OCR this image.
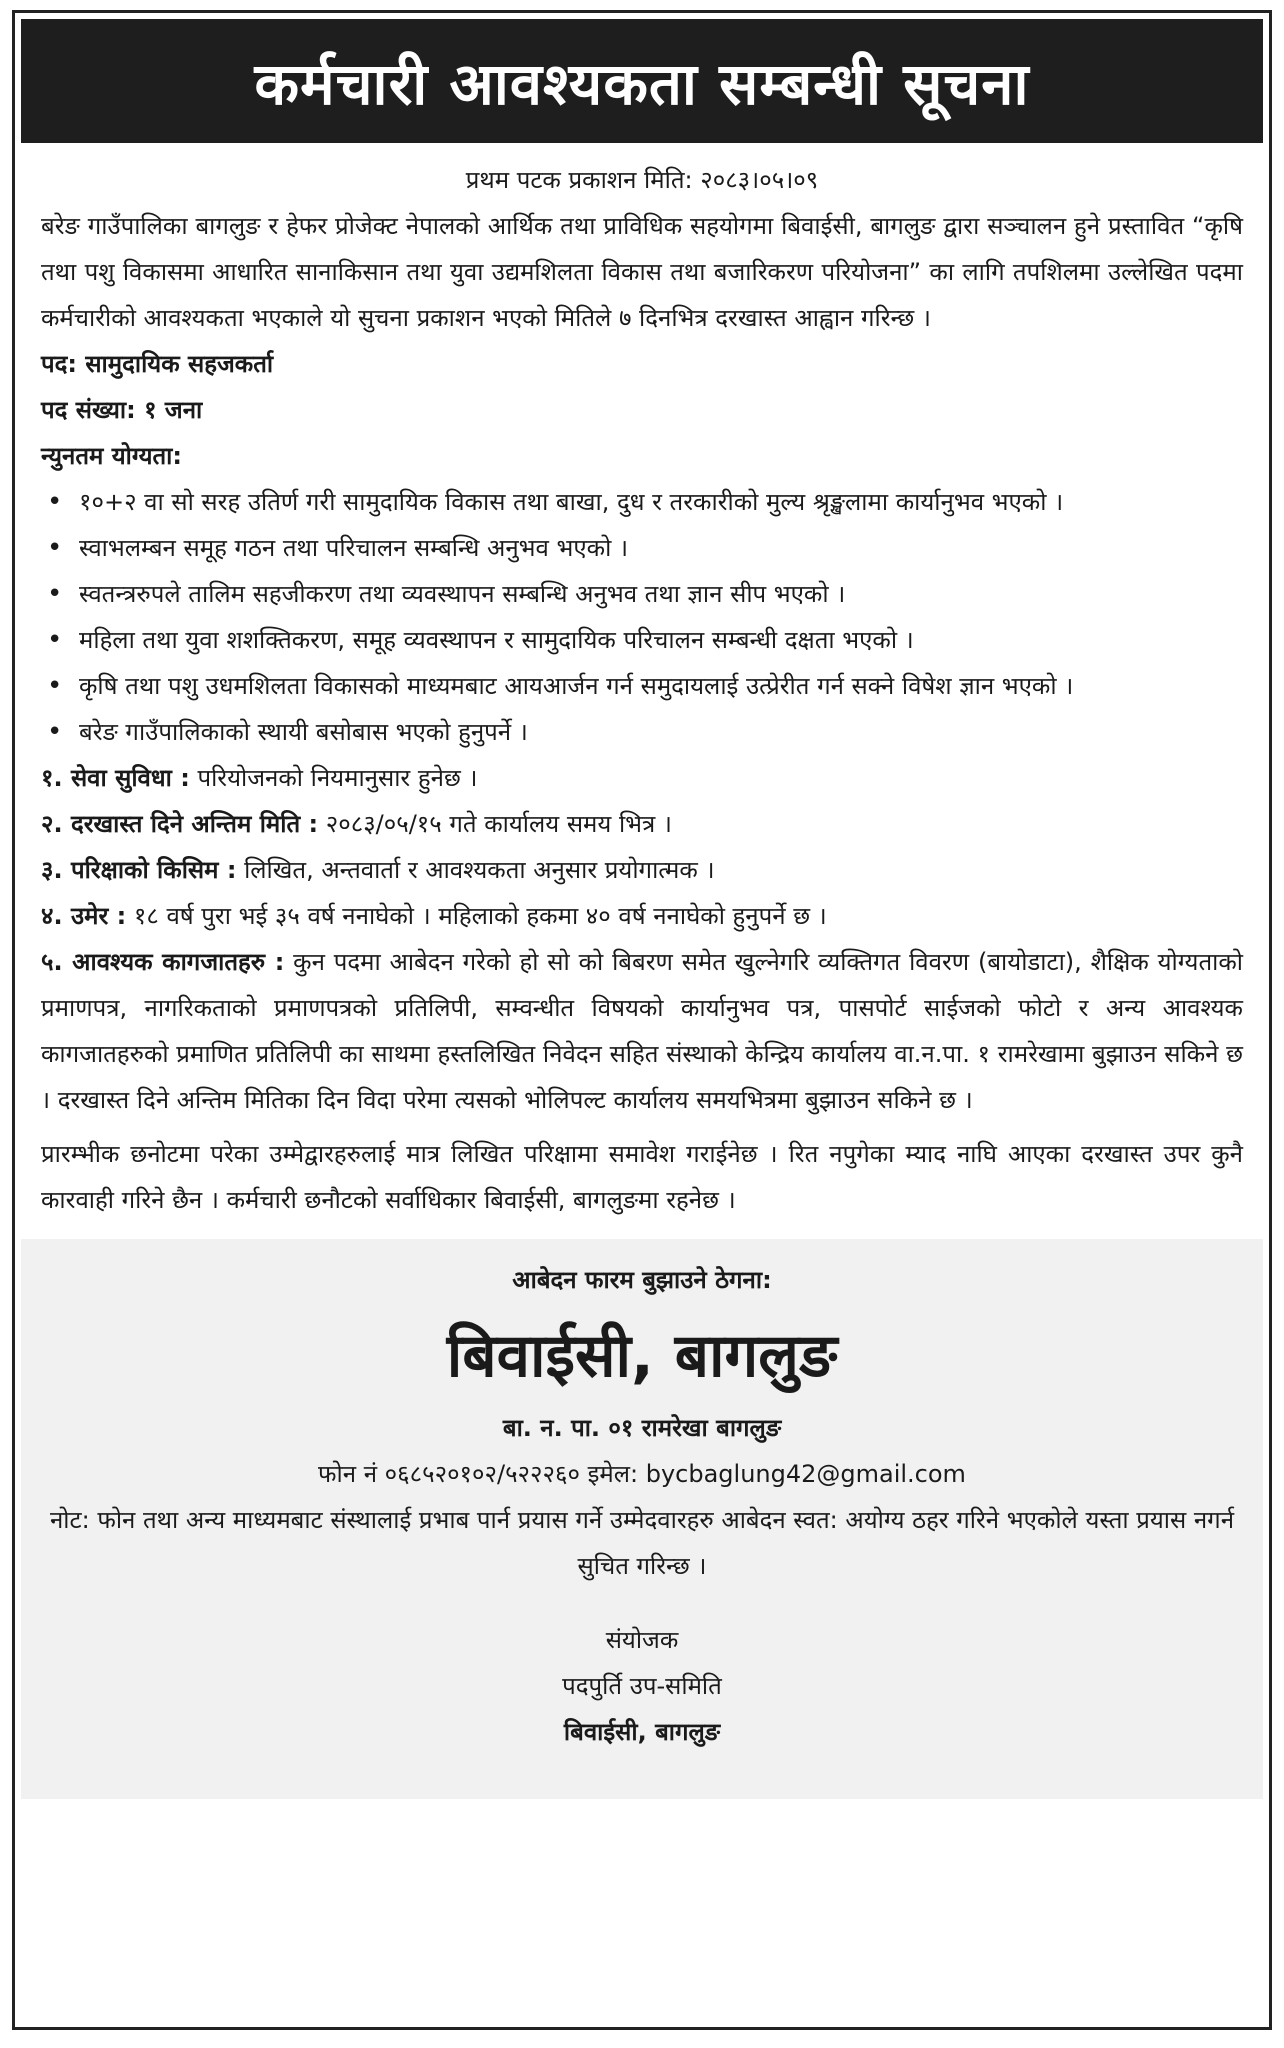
कर्मचारी आवश्यकता सम्बन्धी सूचना
प्रथम पटक प्रकाशन मिति: २०८३।०५।०९
बरेङ गाउँपालिका बागलुङ र हेफर प्रोजेक्ट नेपालको आर्थिक तथा प्राविधिक सहयोगमा बिवाईसी, बागलुङ द्वारा सञ्चालन हुने प्रस्तावित “कृषि तथा पशु विकासमा आधारित सानाकिसान तथा युवा उद्यमशिलता विकास तथा बजारिकरण परियोजना” का लागि तपशिलमा उल्लेखित पदमा कर्मचारीको आवश्यकता भएकाले यो सुचना प्रकाशन भएको मितिले ७ दिनभित्र दरखास्त आह्वान गरिन्छ ।
पद: सामुदायिक सहजकर्ता
पद संख्या: १ जना
न्युनतम योग्यता:
• १०+२ वा सो सरह उतिर्ण गरी सामुदायिक विकास तथा बाखा, दुध र तरकारीको मुल्य श्रृङ्खलामा कार्यानुभव भएको ।
• स्वाभलम्बन समूह गठन तथा परिचालन सम्बन्धि अनुभव भएको ।
• स्वतन्त्ररुपले तालिम सहजीकरण तथा व्यवस्थापन सम्बन्धि अनुभव तथा ज्ञान सीप भएको ।
• महिला तथा युवा शशक्तिकरण, समूह व्यवस्थापन र सामुदायिक परिचालन सम्बन्धी दक्षता भएको ।
• कृषि तथा पशु उधमशिलता विकासको माध्यमबाट आयआर्जन गर्न समुदायलाई उत्प्रेरीत गर्न सक्ने विषेश ज्ञान भएको ।
• बरेङ गाउँपालिकाको स्थायी बसोबास भएको हुनुपर्ने ।
१. सेवा सुविधा : परियोजनको नियमानुसार हुनेछ ।
२. दरखास्त दिने अन्तिम मिति : २०८३/०५/१५ गते कार्यालय समय भित्र ।
३. परिक्षाको किसिम : लिखित, अन्तवार्ता र आवश्यकता अनुसार प्रयोगात्मक ।
४. उमेर : १८ वर्ष पुरा भई ३५ वर्ष ननाघेको । महिलाको हकमा ४० वर्ष ननाघेको हुनुपर्ने छ ।
५. आवश्यक कागजातहरु : कुन पदमा आबेदन गरेको हो सो को बिबरण समेत खुल्नेगरि व्यक्तिगत विवरण (बायोडाटा), शैक्षिक योग्यताको प्रमाणपत्र, नागरिकताको प्रमाणपत्रको प्रतिलिपी, सम्वन्धीत विषयको कार्यानुभव पत्र, पासपोर्ट साईजको फोटो र अन्य आवश्यक कागजातहरुको प्रमाणित प्रतिलिपी का साथमा हस्तलिखित निवेदन सहित संस्थाको केन्द्रिय कार्यालय वा.न.पा. १ रामरेखामा बुझाउन सकिने छ । दरखास्त दिने अन्तिम मितिका दिन विदा परेमा त्यसको भोलिपल्ट कार्यालय समयभित्रमा बुझाउन सकिने छ ।
प्रारम्भीक छनोटमा परेका उम्मेद्वारहरुलाई मात्र लिखित परिक्षामा समावेश गराईनेछ । रित नपुगेका म्याद नाघि आएका दरखास्त उपर कुनै कारवाही गरिने छैन । कर्मचारी छनौटको सर्वाधिकार बिवाईसी, बागलुङमा रहनेछ ।
आबेदन फारम बुझाउने ठेगना:
बिवाईसी, बागलुङ
बा. न. पा. ०१ रामरेखा बागलुङ
फोन नं ०६८५२०१०२/५२२२६० इमेल: bycbaglung42@gmail.com
नोट: फोन तथा अन्य माध्यमबाट संस्थालाई प्रभाब पार्न प्रयास गर्ने उम्मेदवारहरु आबेदन स्वत: अयोग्य ठहर गरिने भएकोले यस्ता प्रयास नगर्न सुचित गरिन्छ ।
संयोजक
पदपुर्ति उप-समिति
बिवाईसी, बागलुङ
